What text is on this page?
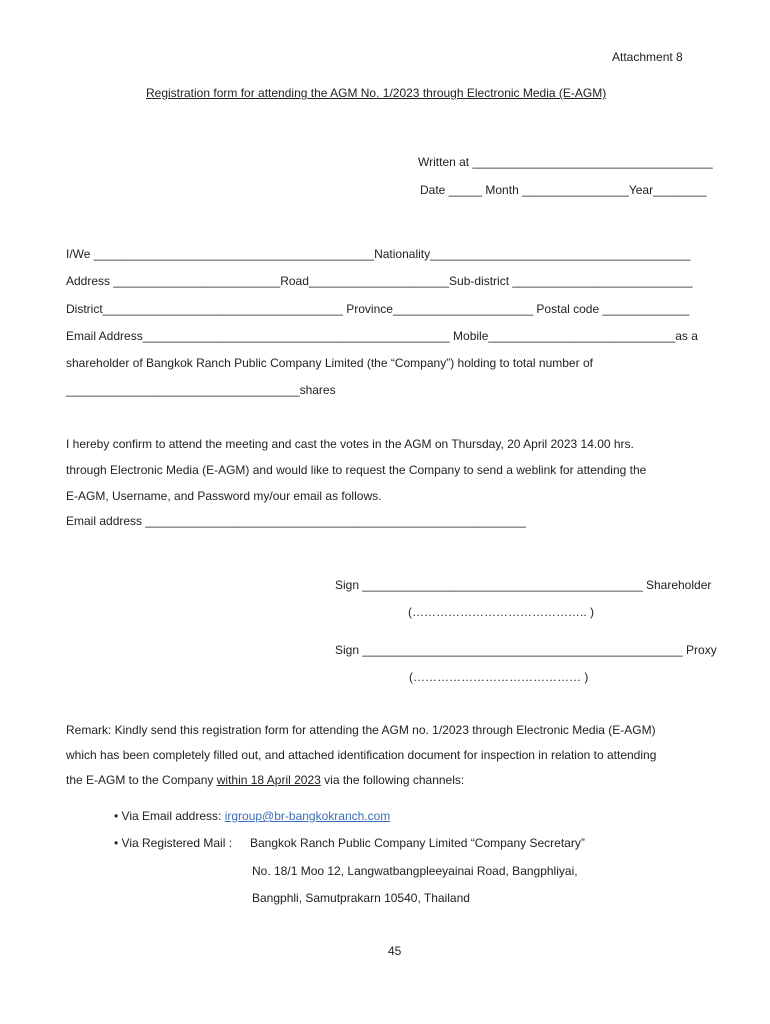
Attachment 8
Registration form for attending the AGM No. 1/2023 through Electronic Media (E-AGM)
Written at ____________________________________
Date _____ Month ________________Year________
I/We __________________________________________Nationality_______________________________________
Address _________________________Road_____________________Sub-district ___________________________
District____________________________________ Province_____________________ Postal code _____________
Email Address______________________________________________ Mobile____________________________as a
shareholder of Bangkok Ranch Public Company Limited (the “Company”) holding to total number of
___________________________________shares
I hereby confirm to attend the meeting and cast the votes in the AGM on Thursday, 20 April 2023 14.00 hrs.
through Electronic Media (E-AGM) and would like to request the Company to send a weblink for attending the
E-AGM, Username, and Password my/our email as follows.
Email address _________________________________________________________
Sign __________________________________________ Shareholder
(…………………………………….. )
Sign ________________________________________________ Proxy
(…………………………………… )
Remark: Kindly send this registration form for attending the AGM no. 1/2023 through Electronic Media (E-AGM)
which has been completely filled out, and attached identification document for inspection in relation to attending
the E-AGM to the Company within 18 April 2023 via the following channels:
• Via Email address: irgroup@br-bangkokranch.com
• Via Registered Mail : Bangkok Ranch Public Company Limited “Company Secretary”
No. 18/1 Moo 12, Langwatbangpleeyainai Road, Bangphliyai,
Bangphli, Samutprakarn 10540, Thailand
45
